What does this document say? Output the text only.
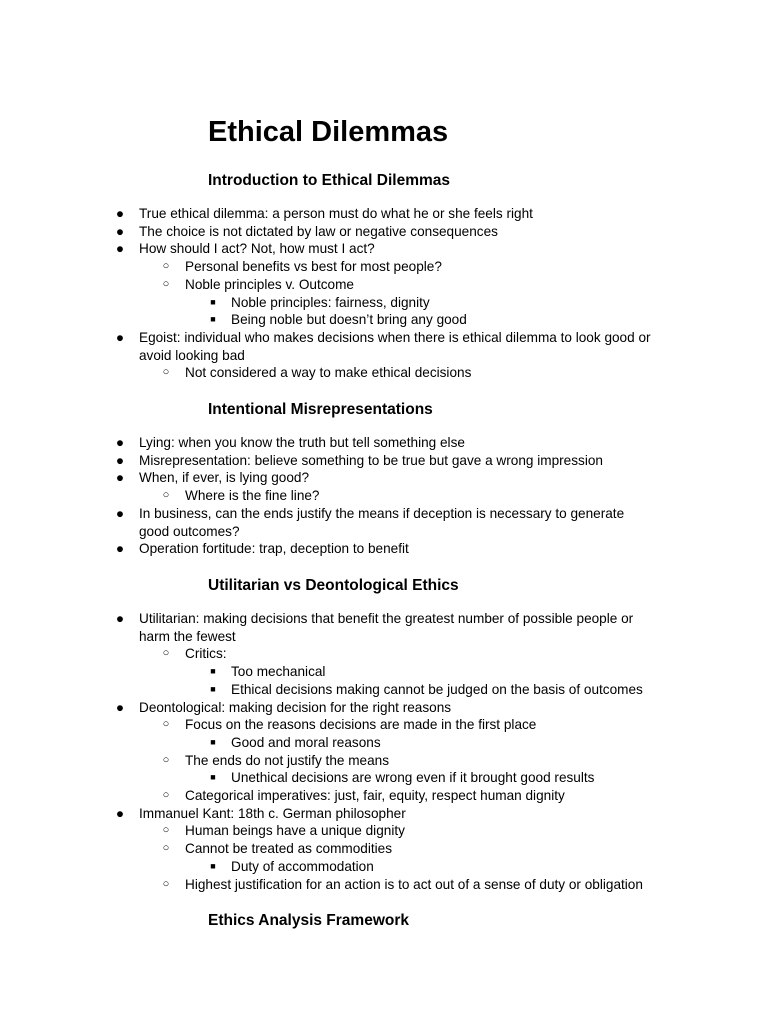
Ethical Dilemmas
Introduction to Ethical Dilemmas
● True ethical dilemma: a person must do what he or she feels right
● The choice is not dictated by law or negative consequences
● How should I act? Not, how must I act?
○ Personal benefits vs best for most people?
○ Noble principles v. Outcome
■	Noble principles: fairness, dignity
■	Being noble but doesn’t bring any good
● Egoist: individual who makes decisions when there is ethical dilemma to look good or
avoid looking bad
○ Not considered a way to make ethical decisions
Intentional Misrepresentations
● Lying: when you know the truth but tell something else
● Misrepresentation: believe something to be true but gave a wrong impression
● When, if ever, is lying good?
○ Where is the fine line?
● In business, can the ends justify the means if deception is necessary to generate
good outcomes?
● Operation fortitude: trap, deception to benefit
Utilitarian vs Deontological Ethics
● Utilitarian: making decisions that benefit the greatest number of possible people or
harm the fewest
○ Critics:
■	Too mechanical
■	Ethical decisions making cannot be judged on the basis of outcomes
● Deontological: making decision for the right reasons
○ Focus on the reasons decisions are made in the first place
■	Good and moral reasons
○ The ends do not justify the means
■	Unethical decisions are wrong even if it brought good results
○ Categorical imperatives: just, fair, equity, respect human dignity
● Immanuel Kant: 18th c. German philosopher
○ Human beings have a unique dignity
○ Cannot be treated as commodities
■	Duty of accommodation
○ Highest justification for an action is to act out of a sense of duty or obligation
Ethics Analysis Framework
